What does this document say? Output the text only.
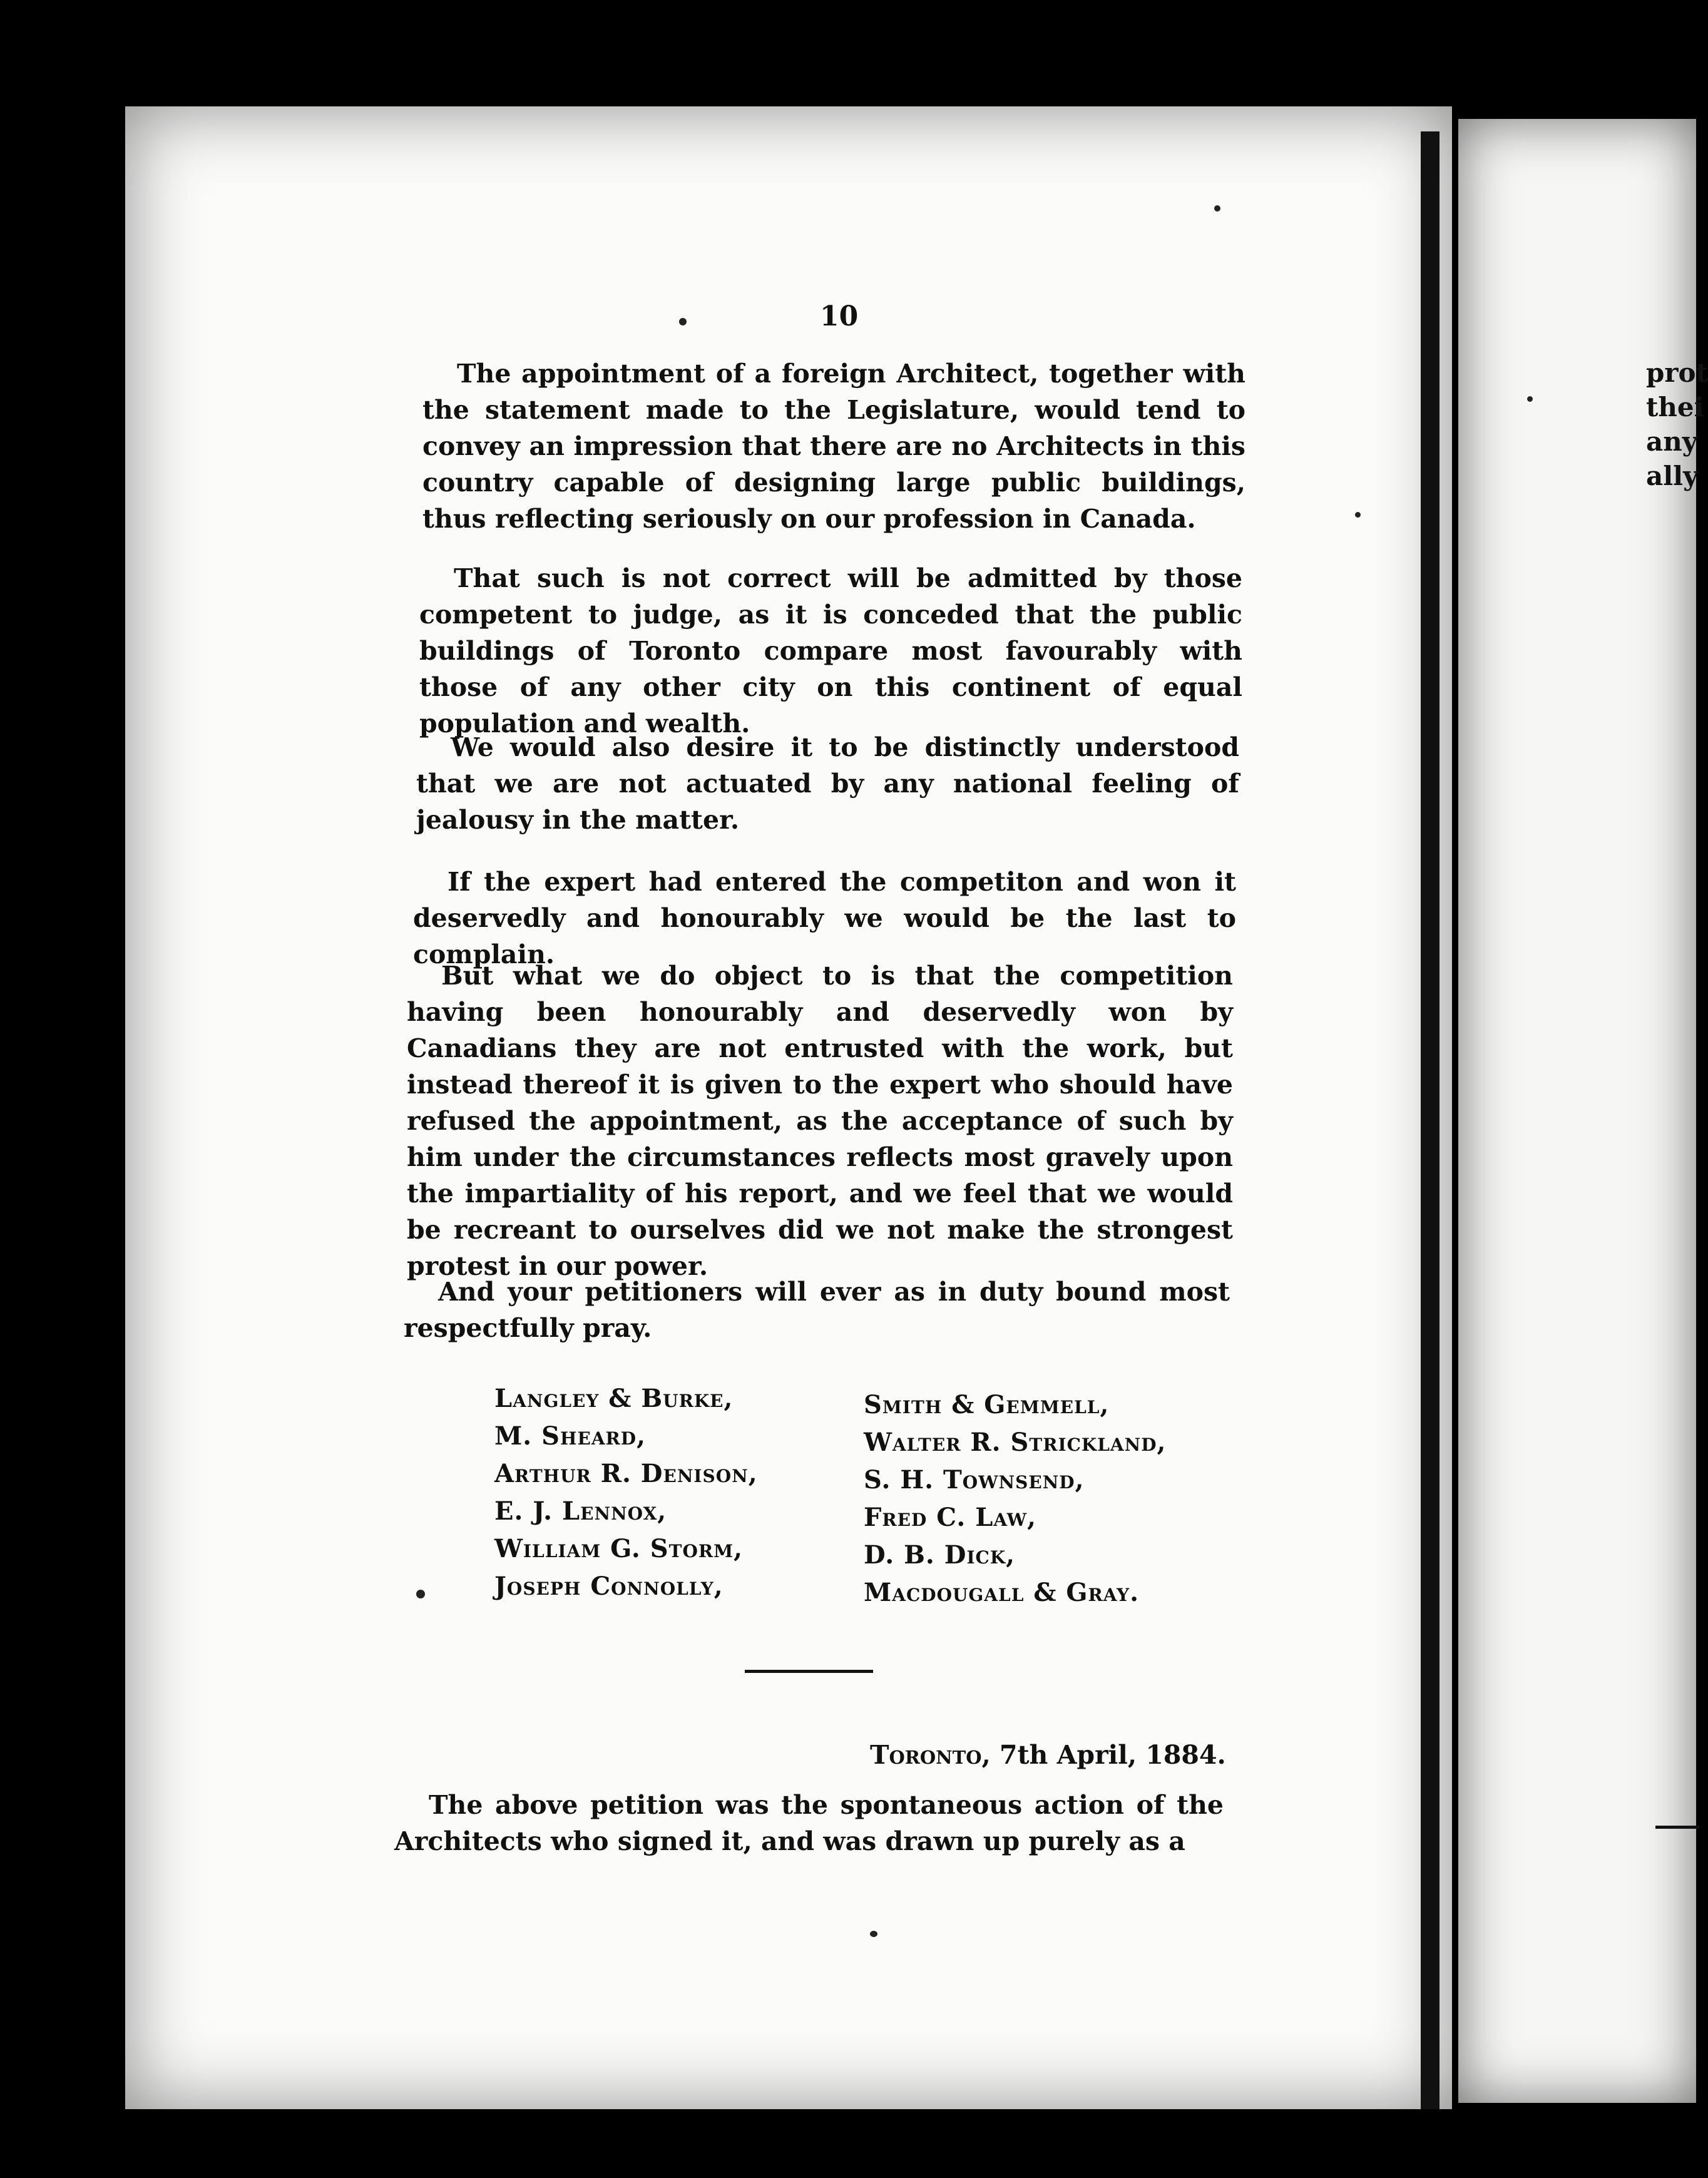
prot
thei
any
ally
10
The appointment of a foreign Architect, together with the statement made to the Legislature, would tend to convey an impression that there are no Architects in this country capable of designing large public buildings, thus reflecting seriously on our profession in Canada.
That such is not correct will be admitted by those competent to judge, as it is conceded that the public buildings of Toronto compare most favourably with those of any other city on this continent of equal population and wealth.
We would also desire it to be distinctly understood that we are not actuated by any national feeling of jealousy in the matter.
If the expert had entered the competiton and won it deservedly and honourably we would be the last to complain.
But what we do object to is that the competition having been honourably and deservedly won by Canadians they are not entrusted with the work, but instead thereof it is given to the expert who should have refused the appointment, as the acceptance of such by him under the circumstances reflects most gravely upon the impartiality of his report, and we feel that we would be recreant to ourselves did we not make the strongest protest in our power.
And your petitioners will ever as in duty bound most respectfully pray.
Langley & Burke,
M. Sheard,
Arthur R. Denison,
E. J. Lennox,
William G. Storm,
Joseph Connolly,
Smith & Gemmell,
Walter R. Strickland,
S. H. Townsend,
Fred C. Law,
D. B. Dick,
Macdougall & Gray.
Toronto, 7th April, 1884.
The above petition was the spontaneous action of the Architects who signed it, and was drawn up purely as a
